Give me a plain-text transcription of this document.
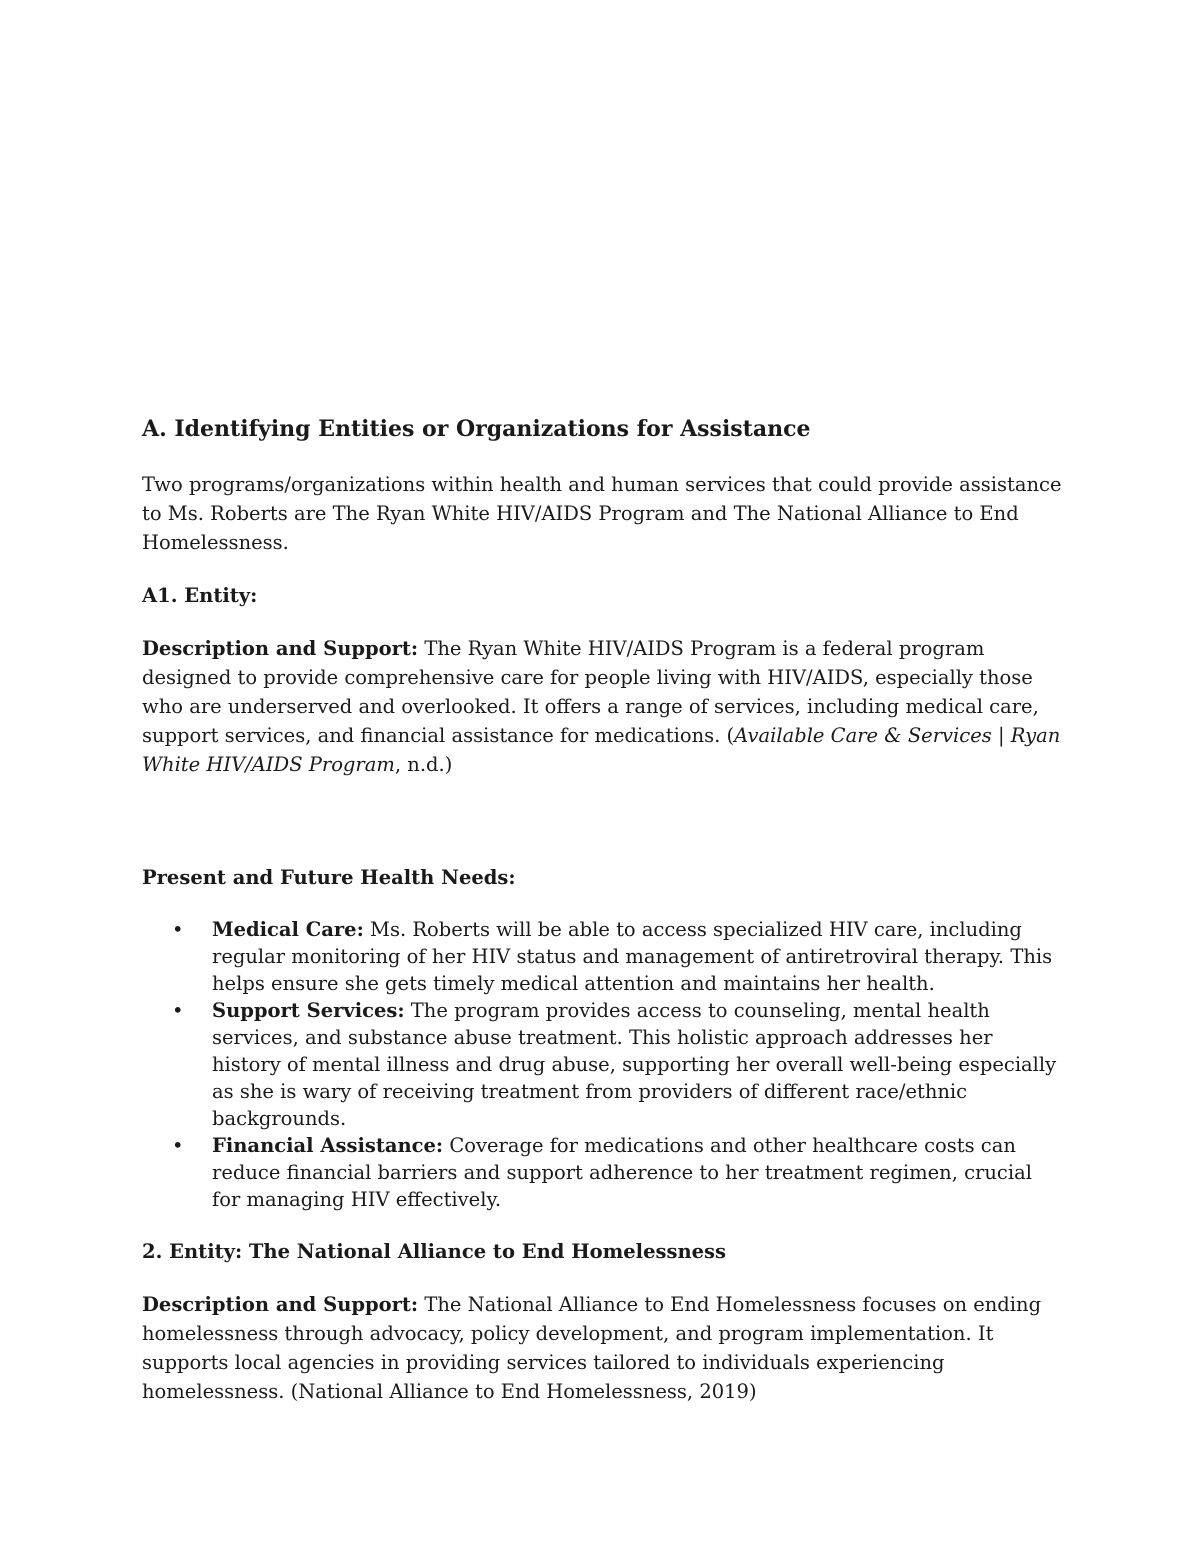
A. Identifying Entities or Organizations for Assistance

Two programs/organizations within health and human services that could provide assistance to Ms. Roberts are The Ryan White HIV/AIDS Program and The National Alliance to End Homelessness.

A1. Entity:

Description and Support: The Ryan White HIV/AIDS Program is a federal program designed to provide comprehensive care for people living with HIV/AIDS, especially those who are underserved and overlooked. It offers a range of services, including medical care, support services, and financial assistance for medications. (Available Care & Services | Ryan White HIV/AIDS Program, n.d.)

Present and Future Health Needs:
• Medical Care: Ms. Roberts will be able to access specialized HIV care, including regular monitoring of her HIV status and management of antiretroviral therapy. This helps ensure she gets timely medical attention and maintains her health.
• Support Services: The program provides access to counseling, mental health services, and substance abuse treatment. This holistic approach addresses her history of mental illness and drug abuse, supporting her overall well-being especially as she is wary of receiving treatment from providers of different race/ethnic backgrounds.
• Financial Assistance: Coverage for medications and other healthcare costs can reduce financial barriers and support adherence to her treatment regimen, crucial for managing HIV effectively.
2. Entity: The National Alliance to End Homelessness

Description and Support: The National Alliance to End Homelessness focuses on ending homelessness through advocacy, policy development, and program implementation. It supports local agencies in providing services tailored to individuals experiencing homelessness. (National Alliance to End Homelessness, 2019)
